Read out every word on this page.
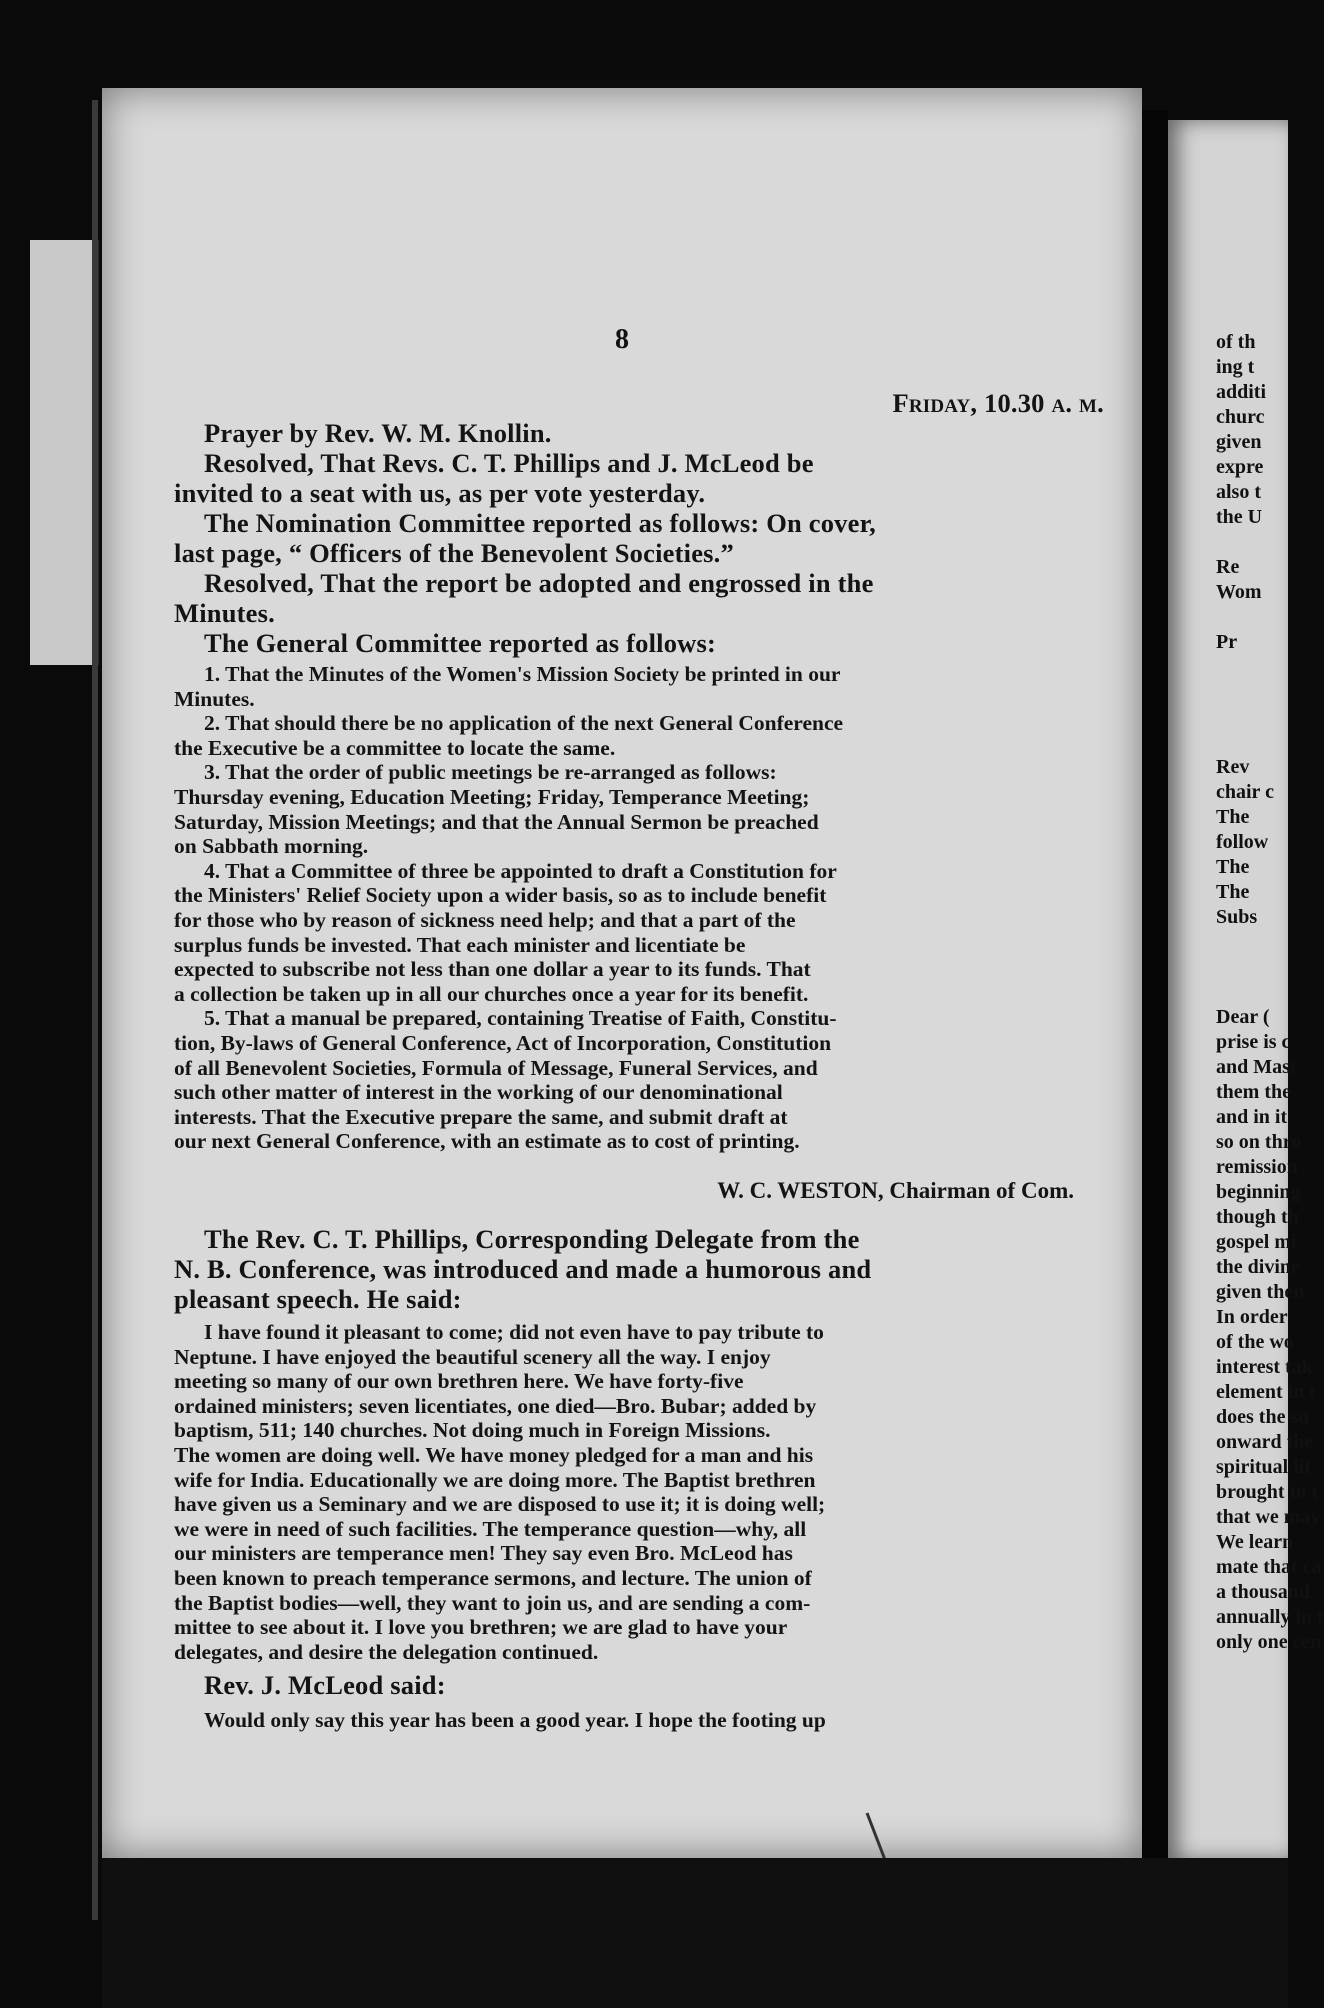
8

Friday, 10.30 a. m.

Prayer by Rev. W. M. Knollin.

Resolved, That Revs. C. T. Phillips and J. McLeod be

invited to a seat with us, as per vote yesterday.

The Nomination Committee reported as follows: On cover,

last page, “ Officers of the Benevolent Societies.”

Resolved, That the report be adopted and engrossed in the

Minutes.

The General Committee reported as follows:

1. That the Minutes of the Women's Mission Society be printed in our

Minutes.

2. That should there be no application of the next General Conference

the Executive be a committee to locate the same.

3. That the order of public meetings be re-arranged as follows:

Thursday evening, Education Meeting; Friday, Temperance Meeting;

Saturday, Mission Meetings; and that the Annual Sermon be preached

on Sabbath morning.

4. That a Committee of three be appointed to draft a Constitution for

the Ministers' Relief Society upon a wider basis, so as to include benefit

for those who by reason of sickness need help; and that a part of the

surplus funds be invested. That each minister and licentiate be

expected to subscribe not less than one dollar a year to its funds. That

a collection be taken up in all our churches once a year for its benefit.

5. That a manual be prepared, containing Treatise of Faith, Constitu-

tion, By-laws of General Conference, Act of Incorporation, Constitution

of all Benevolent Societies, Formula of Message, Funeral Services, and

such other matter of interest in the working of our denominational

interests. That the Executive prepare the same, and submit draft at

our next General Conference, with an estimate as to cost of printing.

W. C. WESTON, Chairman of Com.

The Rev. C. T. Phillips, Corresponding Delegate from the

N. B. Conference, was introduced and made a humorous and

pleasant speech. He said:

I have found it pleasant to come; did not even have to pay tribute to

Neptune. I have enjoyed the beautiful scenery all the way. I enjoy

meeting so many of our own brethren here. We have forty-five

ordained ministers; seven licentiates, one died—Bro. Bubar; added by

baptism, 511; 140 churches. Not doing much in Foreign Missions.

The women are doing well. We have money pledged for a man and his

wife for India. Educationally we are doing more. The Baptist brethren

have given us a Seminary and we are disposed to use it; it is doing well;

we were in need of such facilities. The temperance question—why, all

our ministers are temperance men! They say even Bro. McLeod has

been known to preach temperance sermons, and lecture. The union of

the Baptist bodies—well, they want to join us, and are sending a com-

mittee to see about it. I love you brethren; we are glad to have your

delegates, and desire the delegation continued.

Rev. J. McLeod said:

Would only say this year has been a good year. I hope the footing up

of th
ing t
additi
churc
given
expre
also t
the U

Re
Wom

Pr

Rev
chair c
The
follow
The
The
Subs

Dear (
prise is c
and Mast
them the
and in it
so on thro
remission
beginning
though th
gospel mi
the divine
given then
In order
of the wo
interest tak
element in t
does the su
onward the
spiritual lif
brought to t
that we may
We learn
mate that ca
a thousand
annually in t
only one cen
